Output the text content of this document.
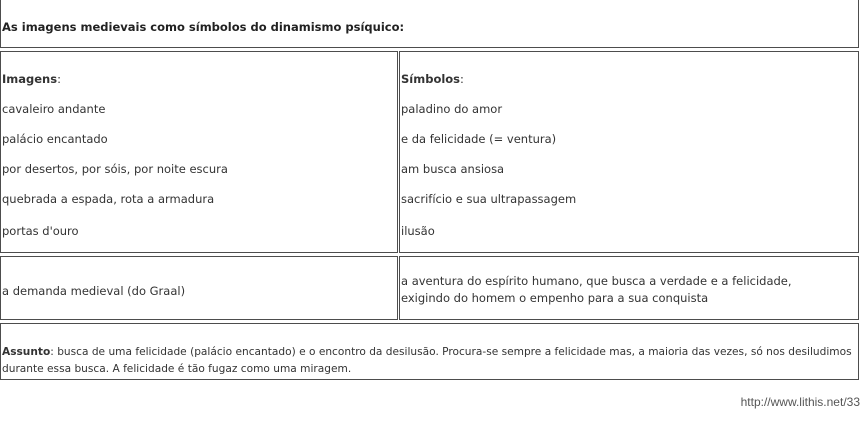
As imagens medievais como símbolos do dinamismo psíquico:
Imagens:
cavaleiro andante
palácio encantado
por desertos, por sóis, por noite escura
quebrada a espada, rota a armadura
portas d'ouro
Símbolos:
paladino do amor
e da felicidade (= ventura)
am busca ansiosa
sacrifício e sua ultrapassagem
ilusão
a demanda medieval (do Graal)
a aventura do espírito humano, que busca a verdade e a felicidade, exigindo do homem o empenho para a sua conquista
Assunto: busca de uma felicidade (palácio encantado) e o encontro da desilusão. Procura-se sempre a felicidade mas, a maioria das vezes, só nos desiludimos durante essa busca. A felicidade é tão fugaz como uma miragem.
http://www.lithis.net/33
